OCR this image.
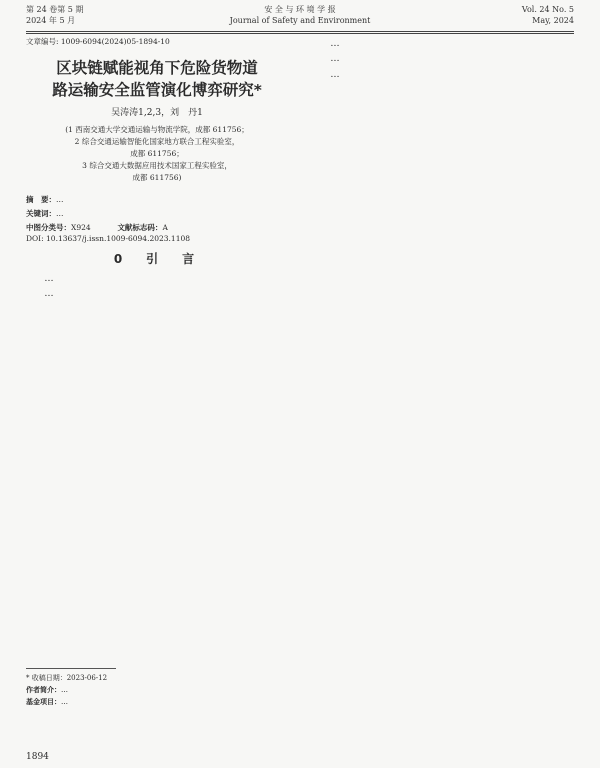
第 24 卷第 5 期
2024 年 5 月
安 全 与 环 境 学 报
Journal of Safety and Environment
Vol. 24 No. 5
May, 2024

文章编号: 1009-6094(2024)05-1894-10

区块链赋能视角下危险货物道
路运输安全监管演化博弈研究*

吴涛涛1,2,3，刘　丹1

(1 西南交通大学交通运输与物流学院，成都 611756；
2 综合交通运输智能化国家地方联合工程实验室，
成都 611756；
3 综合交通大数据应用技术国家工程实验室，
成都 611756)

摘　要：…

关键词：…

中图分类号：X924	文献标志码：A

DOI: 10.13637/j.issn.1009-6094.2023.1108

0　引　言

…

…

…

…

…

* 收稿日期：2023-06-12

作者简介：…

基金项目：…

1894
